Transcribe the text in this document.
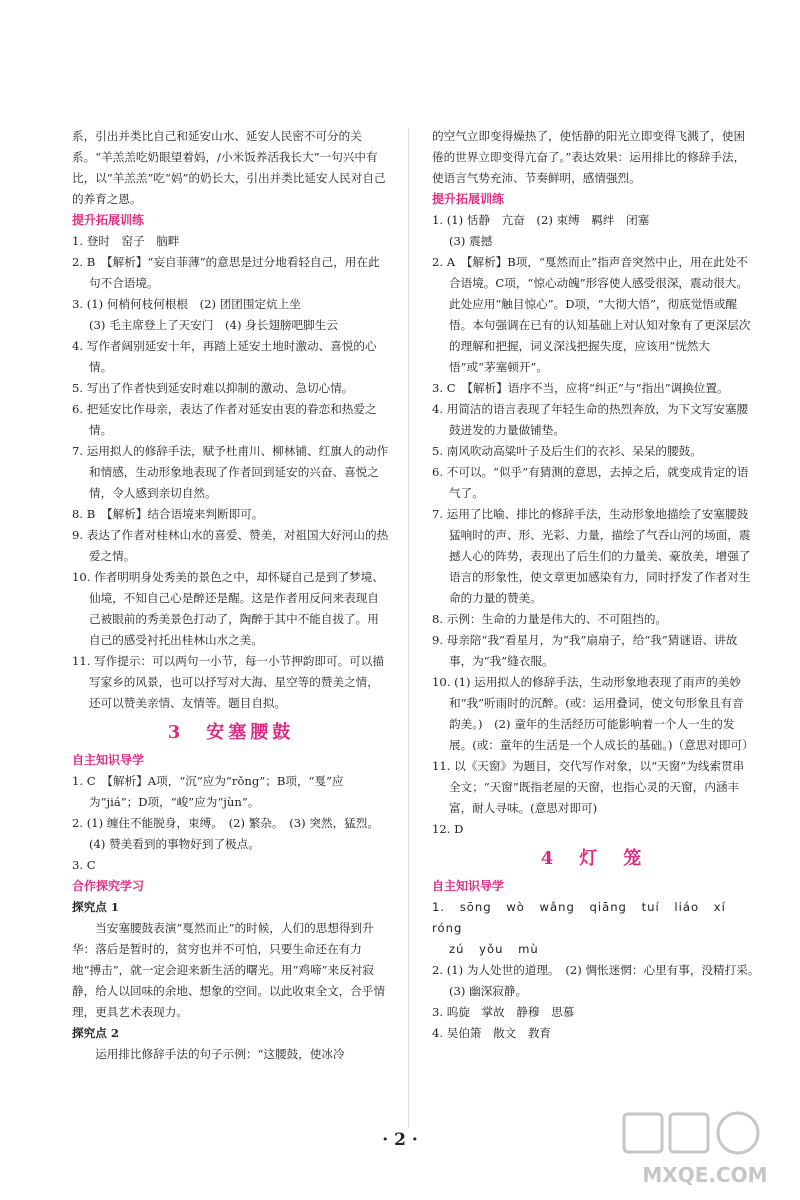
系，引出并类比自己和延安山水、延安人民密不可分的关系。“羊羔羔吃奶眼望着妈，/小米饭养活我长大”一句兴中有比，以“羊羔羔”吃“妈”的奶长大，引出并类比延安人民对自己的养育之恩。

提升拓展训练

1. 登时　窑子　脑畔

2. B　【解析】“妄自菲薄”的意思是过分地看轻自己，用在此句不合语境。

3. (1) 何梢何枝何根根　(2) 团团围定炕上坐

(3) 毛主席登上了天安门　(4) 身长翅膀吧脚生云

4. 写作者阔别延安十年，再踏上延安土地时激动、喜悦的心情。

5. 写出了作者快到延安时难以抑制的激动、急切心情。

6. 把延安比作母亲，表达了作者对延安由衷的眷恋和热爱之情。

7. 运用拟人的修辞手法，赋予杜甫川、柳林铺、红旗人的动作和情感，生动形象地表现了作者回到延安的兴奋、喜悦之情，令人感到亲切自然。

8. B　【解析】结合语境来判断即可。

9. 表达了作者对桂林山水的喜爱、赞美，对祖国大好河山的热爱之情。

10. 作者明明身处秀美的景色之中，却怀疑自己是到了梦境、仙境，不知自己心是醉还是醒。这是作者用反问来表现自己被眼前的秀美景色打动了，陶醉于其中不能自拔了。用自己的感受衬托出桂林山水之美。

11. 写作提示：可以两句一小节，每一小节押韵即可。可以描写家乡的风景，也可以抒写对大海、星空等的赞美之情，还可以赞美亲情、友情等。题目自拟。

3　安塞腰鼓

自主知识导学

1. C　【解析】A项，“沉”应为“rǒng”；B项，“戛”应为“jiá”；D项，“峻”应为“jùn”。

2. (1) 缠住不能脱身，束缚。　(2) 繁杂。　(3) 突然，猛烈。　(4) 赞美看到的事物好到了极点。

3. C

合作探究学习

探究点 1

当安塞腰鼓表演“戛然而止”的时候，人们的思想得到升华：落后是暂时的，贫穷也并不可怕，只要生命还在有力地“搏击”，就一定会迎来新生活的曙光。用“鸡啼”来反衬寂静，给人以回味的余地、想象的空间。以此收束全文，合乎情理，更具艺术表现力。

探究点 2

运用排比修辞手法的句子示例：“这腰鼓，使冰冷

的空气立即变得燥热了，使恬静的阳光立即变得飞溅了，使困倦的世界立即变得亢奋了。”表达效果：运用排比的修辞手法，使语言气势充沛、节奏鲜明，感情强烈。

提升拓展训练

1. (1) 恬静　亢奋　(2) 束缚　羁绊　闭塞

(3) 震撼

2. A　【解析】B项，“戛然而止”指声音突然中止，用在此处不合语境。C项，“惊心动魄”形容使人感受很深，震动很大。此处应用“触目惊心”。D项，“大彻大悟”，彻底觉悟或醒悟。本句强调在已有的认知基础上对认知对象有了更深层次的理解和把握，词义深浅把握失度，应该用“恍然大悟”或“茅塞顿开”。

3. C　【解析】语序不当，应将“纠正”与“指出”调换位置。

4. 用简洁的语言表现了年轻生命的热烈奔放，为下文写安塞腰鼓迸发的力量做铺垫。

5. 南风吹动高粱叶子及后生们的衣衫、呆呆的腰鼓。

6. 不可以。“似乎”有猜测的意思，去掉之后，就变成肯定的语气了。

7. 运用了比喻、排比的修辞手法，生动形象地描绘了安塞腰鼓猛响时的声、形、光彩、力量，描绘了气吞山河的场面，震撼人心的阵势，表现出了后生们的力量美、豪放美，增强了语言的形象性，使文章更加感染有力，同时抒发了作者对生命的力量的赞美。

8. 示例：生命的力量是伟大的、不可阻挡的。

9. 母亲陪“我”看星月，为“我”扇扇子，给“我”猜谜语、讲故事，为“我”缝衣服。

10. (1) 运用拟人的修辞手法，生动形象地表现了雨声的美妙和“我”听雨时的沉醉。(或：运用叠词，使文句形象且有音韵美。)　(2) 童年的生活经历可能影响着一个人一生的发展。(或：童年的生活是一个人成长的基础。)（意思对即可）

11. 以《天窗》为题目，交代写作对象，以“天窗”为线索贯串全文；“天窗”既指老屋的天窗，也指心灵的天窗，内涵丰富，耐人寻味。(意思对即可)

12. D

4　灯　笼

自主知识导学

1. sōng wò wǎng qiāng tuí liáo xí róng

zú yǒu mù

2. (1) 为人处世的道理。　(2) 惆怅迷惘：心里有事，没精打采。　(3) 幽深寂静。

3. 呜旋　掌故　静穆　思慕

4. 吴伯箫　散文　教育

· 2 ·
MXQE.COM
